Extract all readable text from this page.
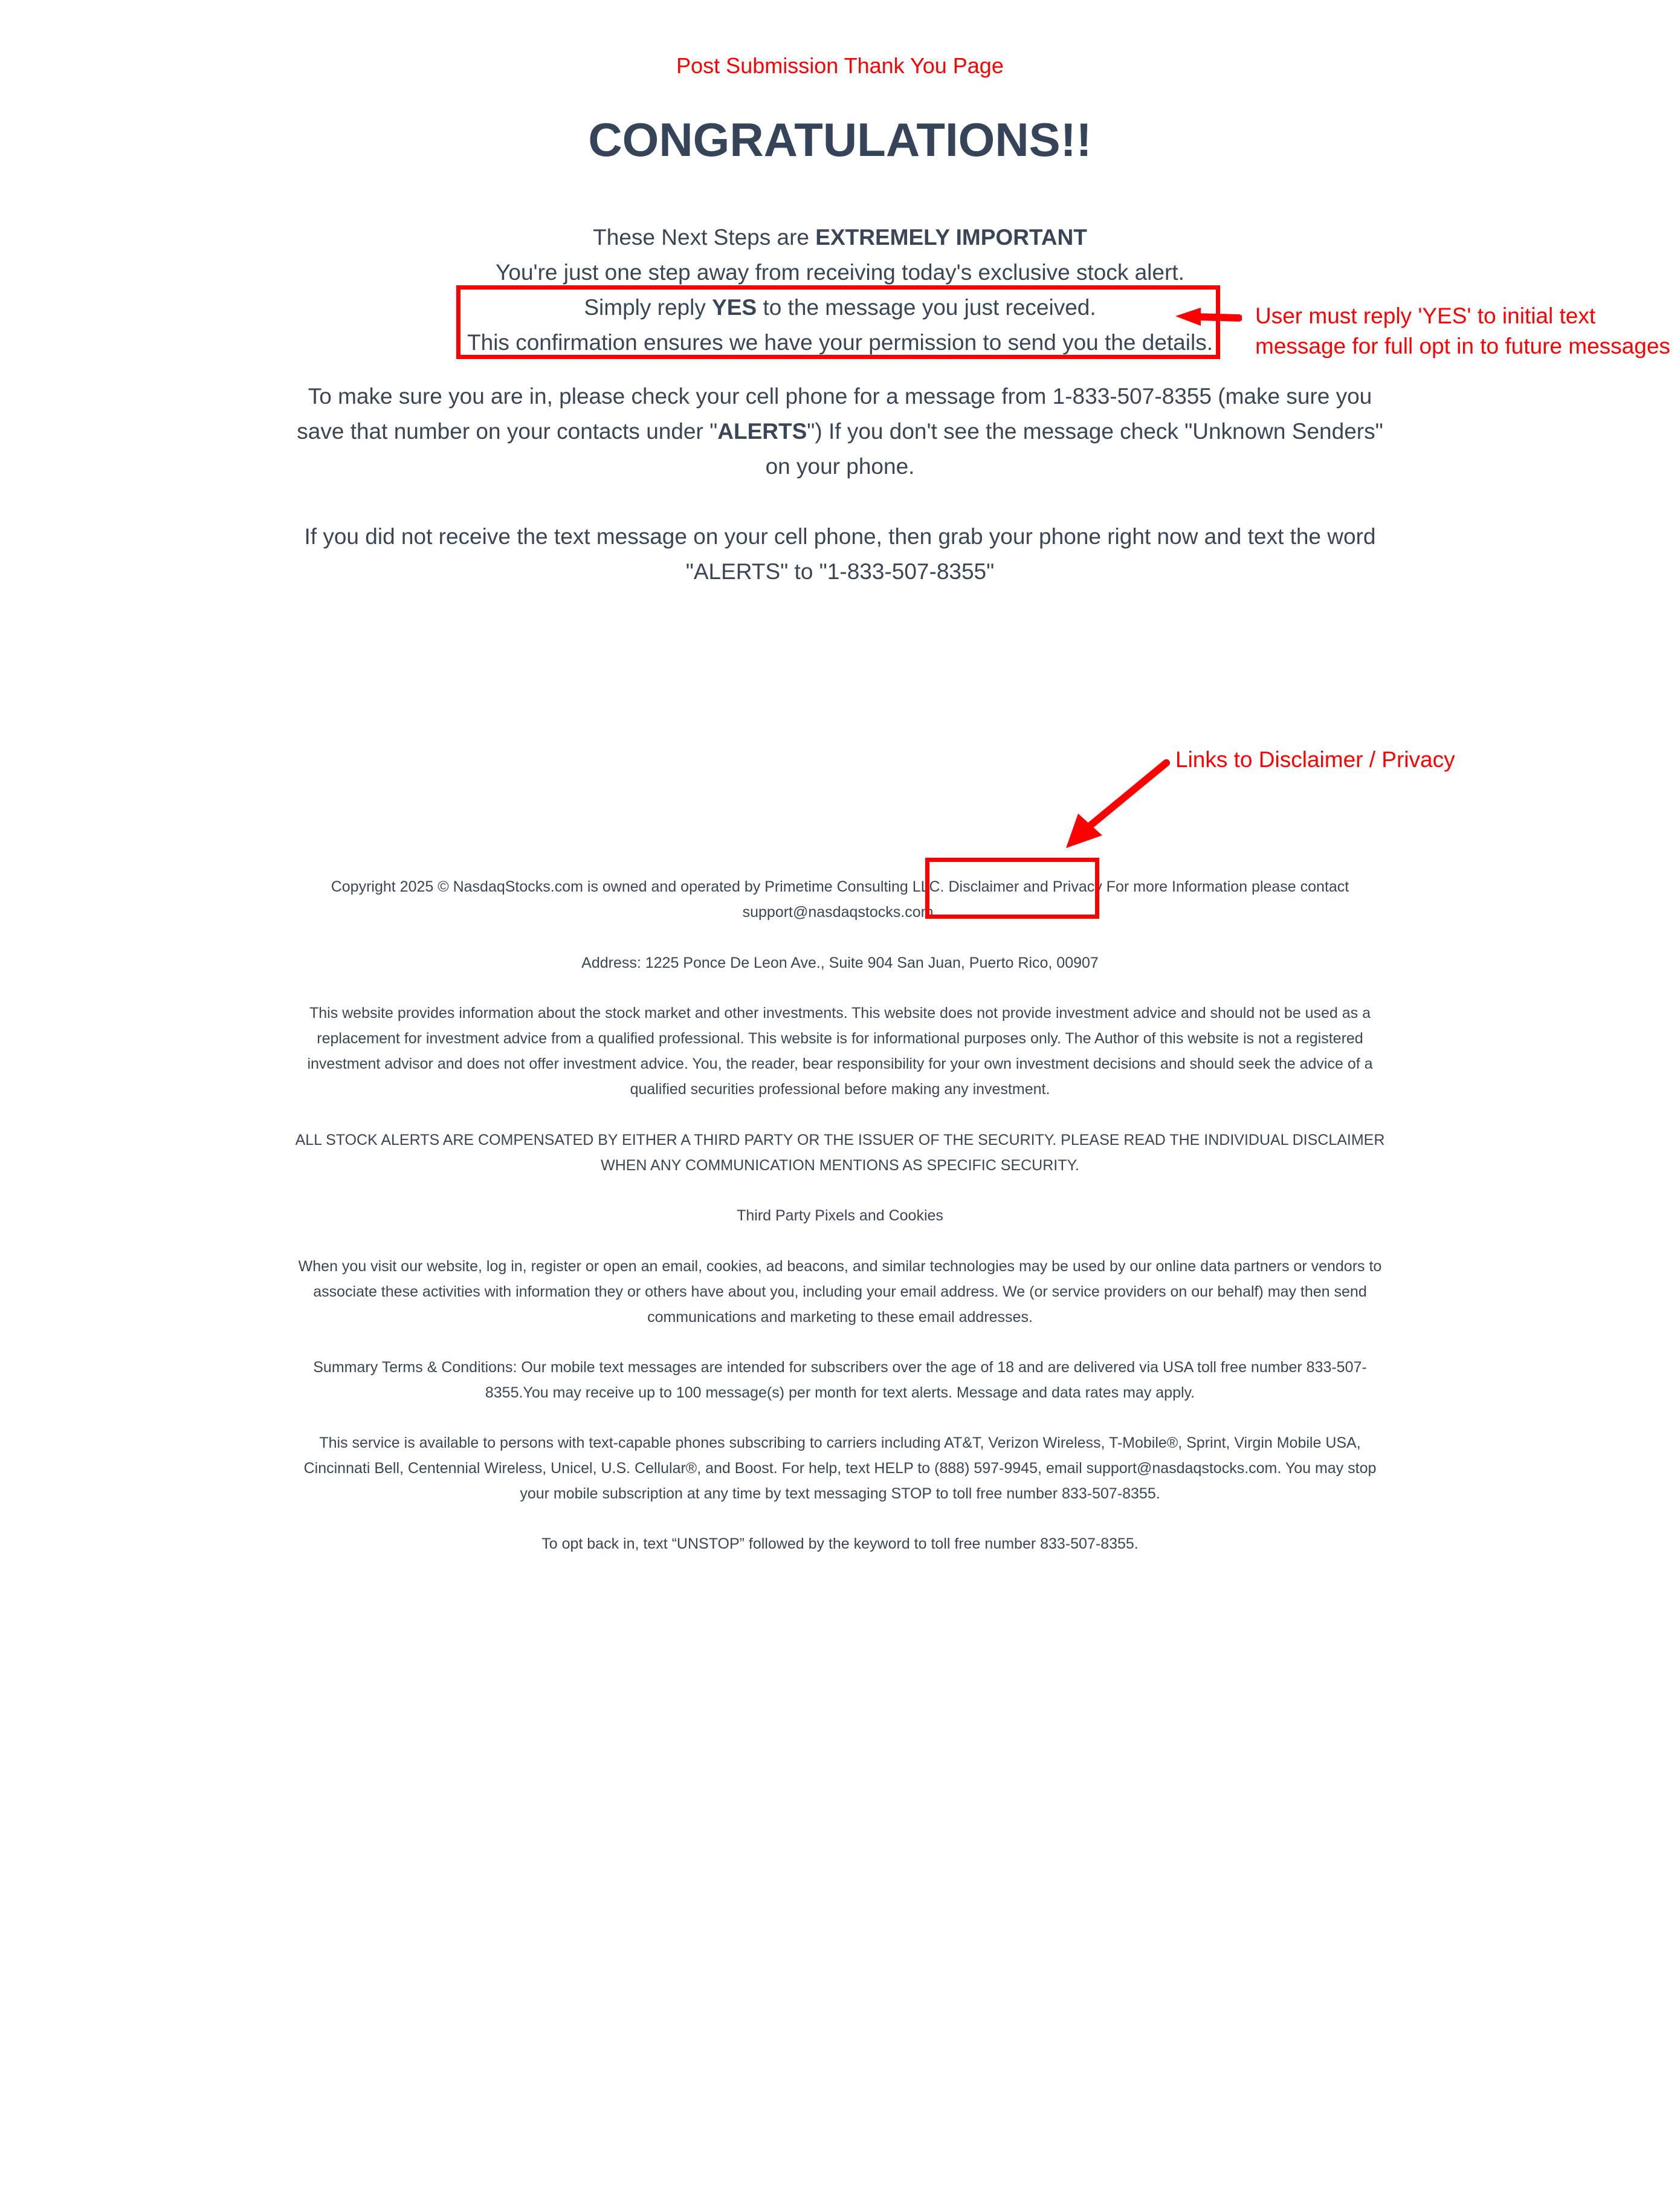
Post Submission Thank You Page
CONGRATULATIONS!!
These Next Steps are EXTREMELY IMPORTANT
You're just one step away from receiving today's exclusive stock alert.
Simply reply YES to the message you just received.
This confirmation ensures we have your permission to send you the details.
User must reply 'YES' to initial text
message for full opt in to future messages
To make sure you are in, please check your cell phone for a message from 1-833-507-8355 (make sure you
save that number on your contacts under "ALERTS") If you don't see the message check "Unknown Senders"
on your phone.
If you did not receive the text message on your cell phone, then grab your phone right now and text the word
"ALERTS" to "1-833-507-8355"
Links to Disclaimer / Privacy
Copyright 2025 © NasdaqStocks.com is owned and operated by Primetime Consulting LLC. Disclaimer and Privacy For more Information please contact
support@nasdaqstocks.com.
Address: 1225 Ponce De Leon Ave., Suite 904 San Juan, Puerto Rico, 00907
This website provides information about the stock market and other investments. This website does not provide investment advice and should not be used as a
replacement for investment advice from a qualified professional. This website is for informational purposes only. The Author of this website is not a registered
investment advisor and does not offer investment advice. You, the reader, bear responsibility for your own investment decisions and should seek the advice of a
qualified securities professional before making any investment.
ALL STOCK ALERTS ARE COMPENSATED BY EITHER A THIRD PARTY OR THE ISSUER OF THE SECURITY. PLEASE READ THE INDIVIDUAL DISCLAIMER
WHEN ANY COMMUNICATION MENTIONS AS SPECIFIC SECURITY.
Third Party Pixels and Cookies
When you visit our website, log in, register or open an email, cookies, ad beacons, and similar technologies may be used by our online data partners or vendors to
associate these activities with information they or others have about you, including your email address. We (or service providers on our behalf) may then send
communications and marketing to these email addresses.
Summary Terms & Conditions: Our mobile text messages are intended for subscribers over the age of 18 and are delivered via USA toll free number 833-507-
8355.You may receive up to 100 message(s) per month for text alerts. Message and data rates may apply.
This service is available to persons with text-capable phones subscribing to carriers including AT&T, Verizon Wireless, T-Mobile®, Sprint, Virgin Mobile USA,
Cincinnati Bell, Centennial Wireless, Unicel, U.S. Cellular®, and Boost. For help, text HELP to (888) 597-9945, email support@nasdaqstocks.com. You may stop
your mobile subscription at any time by text messaging STOP to toll free number 833-507-8355.
To opt back in, text “UNSTOP” followed by the keyword to toll free number 833-507-8355.
